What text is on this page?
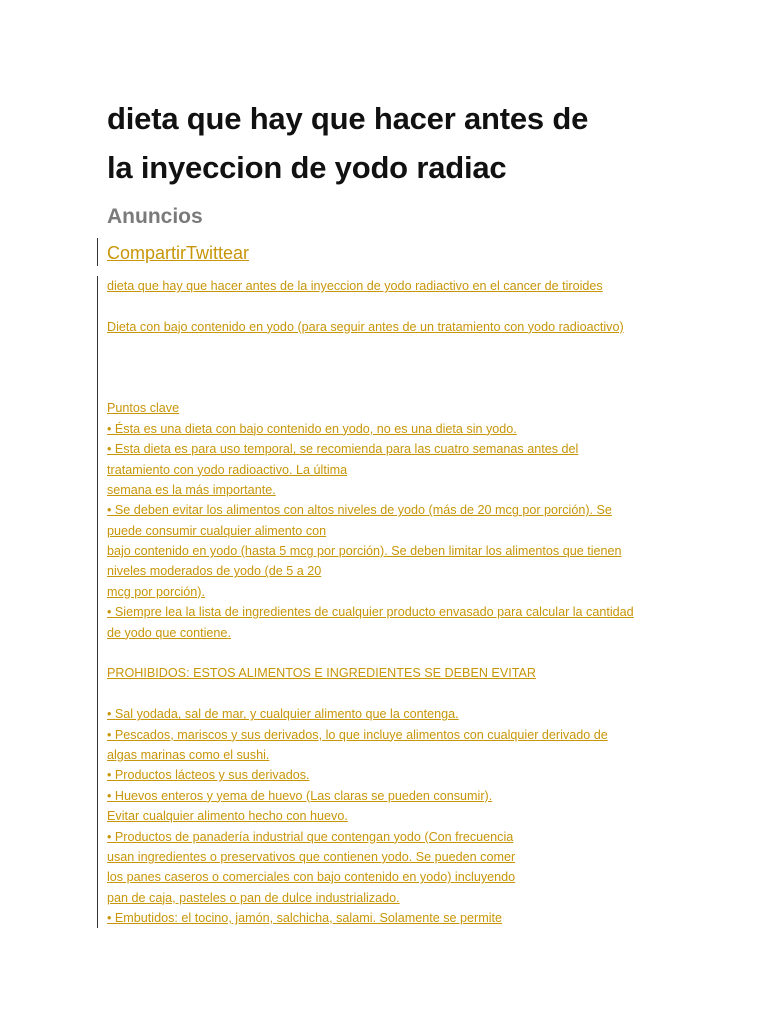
dieta que hay que hacer antes de
la inyeccion de yodo radiac
Anuncios
CompartirTwittear
dieta que hay que hacer antes de la inyeccion de yodo radiactivo en el cancer de tiroides
Dieta con bajo contenido en yodo (para seguir antes de un tratamiento con yodo radioactivo)
Puntos clave
• Ésta es una dieta con bajo contenido en yodo, no es una dieta sin yodo.
• Esta dieta es para uso temporal, se recomienda para las cuatro semanas antes del
tratamiento con yodo radioactivo. La última
semana es la más importante.
• Se deben evitar los alimentos con altos niveles de yodo (más de 20 mcg por porción). Se
puede consumir cualquier alimento con
bajo contenido en yodo (hasta 5 mcg por porción). Se deben limitar los alimentos que tienen
niveles moderados de yodo (de 5 a 20
mcg por porción).
• Siempre lea la lista de ingredientes de cualquier producto envasado para calcular la cantidad
de yodo que contiene.
PROHIBIDOS: ESTOS ALIMENTOS E INGREDIENTES SE DEBEN EVITAR
• Sal yodada, sal de mar, y cualquier alimento que la contenga.
• Pescados, mariscos y sus derivados, lo que incluye alimentos con cualquier derivado de
algas marinas como el sushi.
• Productos lácteos y sus derivados.
• Huevos enteros y yema de huevo (Las claras se pueden consumir).
Evitar cualquier alimento hecho con huevo.
• Productos de panadería industrial que contengan yodo (Con frecuencia
usan ingredientes o preservativos que contienen yodo. Se pueden comer
los panes caseros o comerciales con bajo contenido en yodo) incluyendo
pan de caja, pasteles o pan de dulce industrializado.
• Embutidos: el tocino, jamón, salchicha, salami. Solamente se permite
